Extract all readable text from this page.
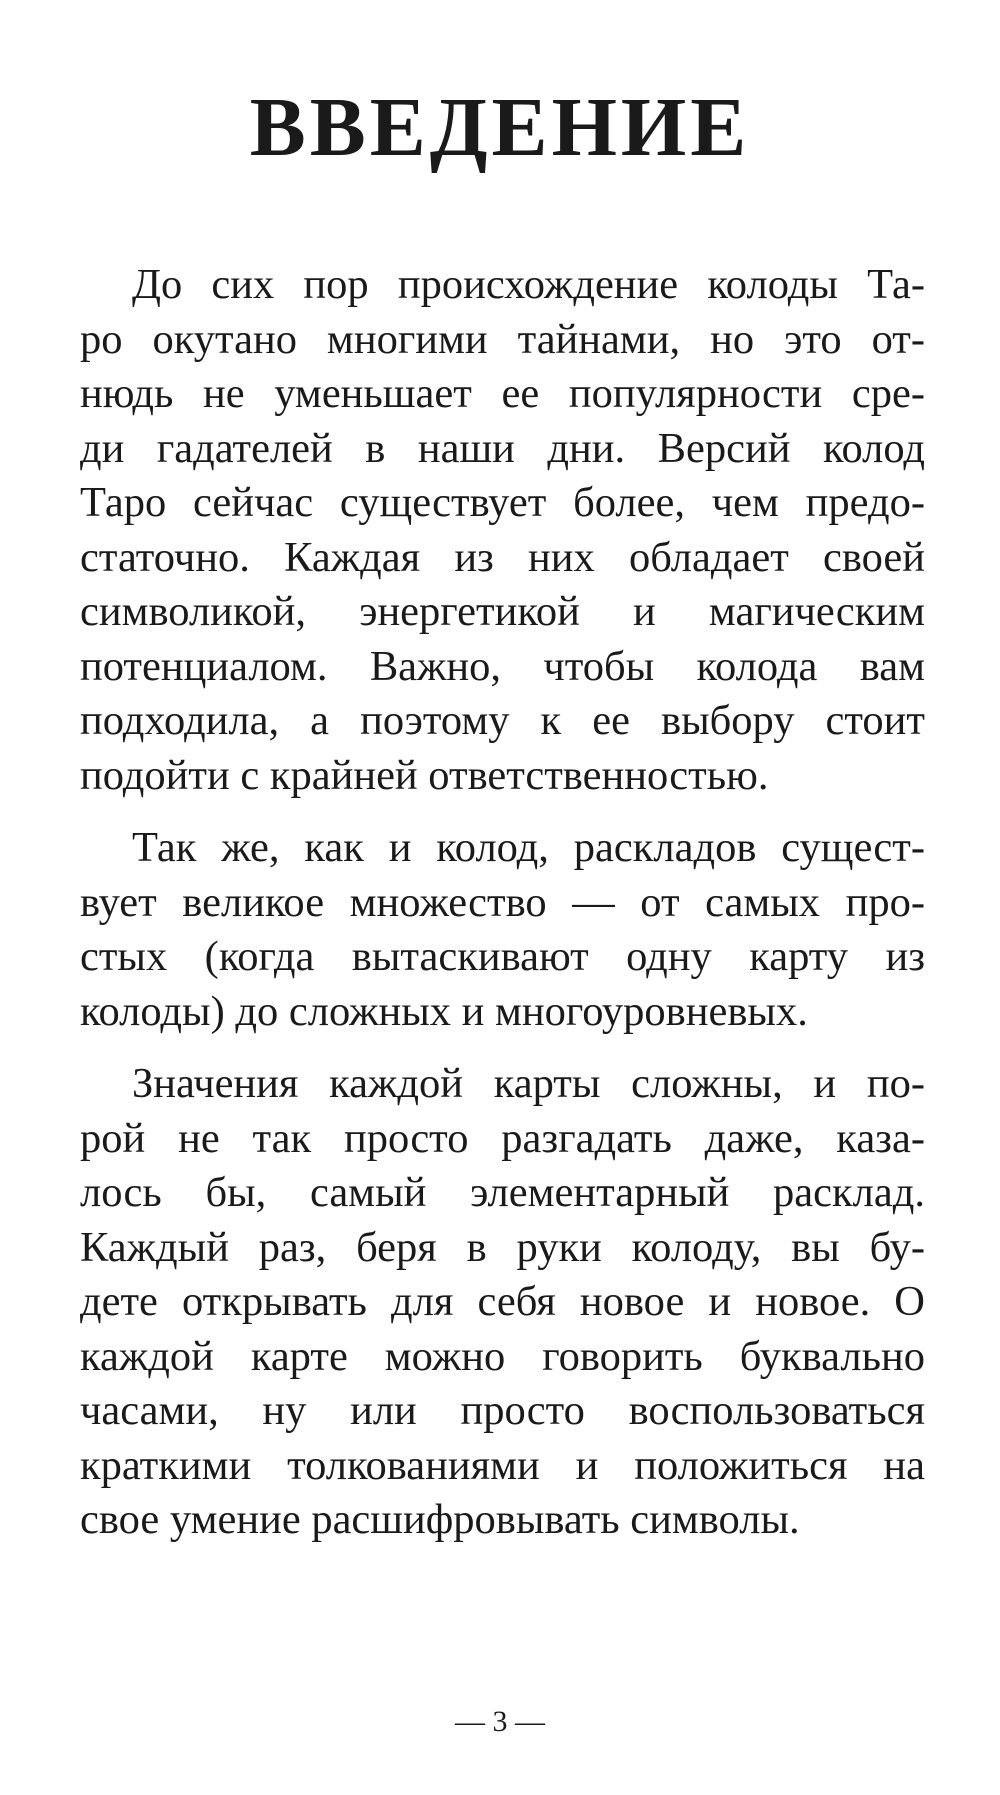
ВВЕДЕНИЕ
До сих пор происхождение колоды Та-
ро окутано многими тайнами, но это от-
нюдь не уменьшает ее популярности сре-
ди гадателей в наши дни. Версий колод
Таро сейчас существует более, чем предо-
статочно. Каждая из них обладает своей
символикой, энергетикой и магическим
потенциалом. Важно, чтобы колода вам
подходила, а поэтому к ее выбору стоит
подойти с крайней ответственностью.
Так же, как и колод, раскладов сущест-
вует великое множество — от самых про-
стых (когда вытаскивают одну карту из
колоды) до сложных и многоуровневых.
Значения каждой карты сложны, и по-
рой не так просто разгадать даже, каза-
лось бы, самый элементарный расклад.
Каждый раз, беря в руки колоду, вы бу-
дете открывать для себя новое и новое. О
каждой карте можно говорить буквально
часами, ну или просто воспользоваться
краткими толкованиями и положиться на
свое умение расшифровывать символы.
— 3 —
